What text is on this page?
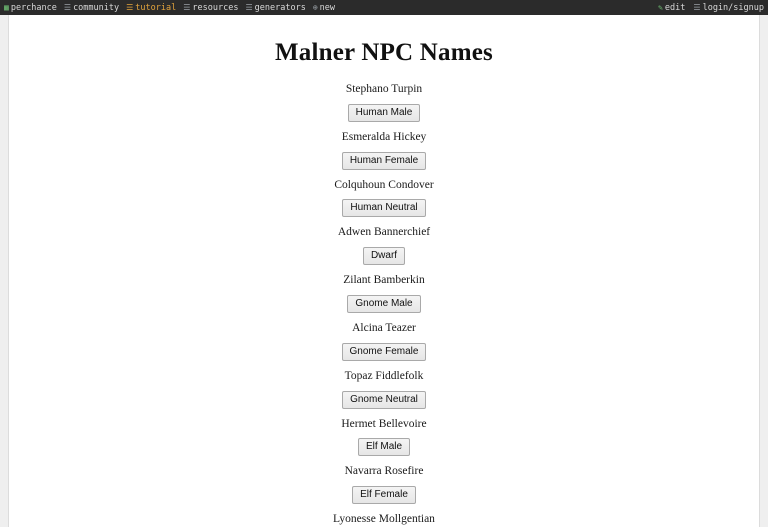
▦ perchance ☰ community ☰ tutorial ☰ resources ☰ generators ⊕ new	✎ edit ☰ login/signup
Malner NPC Names
Stephano Turpin
Human Male
Esmeralda Hickey
Human Female
Colquhoun Condover
Human Neutral
Adwen Bannerchief
Dwarf
Zilant Bamberkin
Gnome Male
Alcina Teazer
Gnome Female
Topaz Fiddlefolk
Gnome Neutral
Hermet Bellevoire
Elf Male
Navarra Rosefire
Elf Female
Lyonesse Mollgentian
